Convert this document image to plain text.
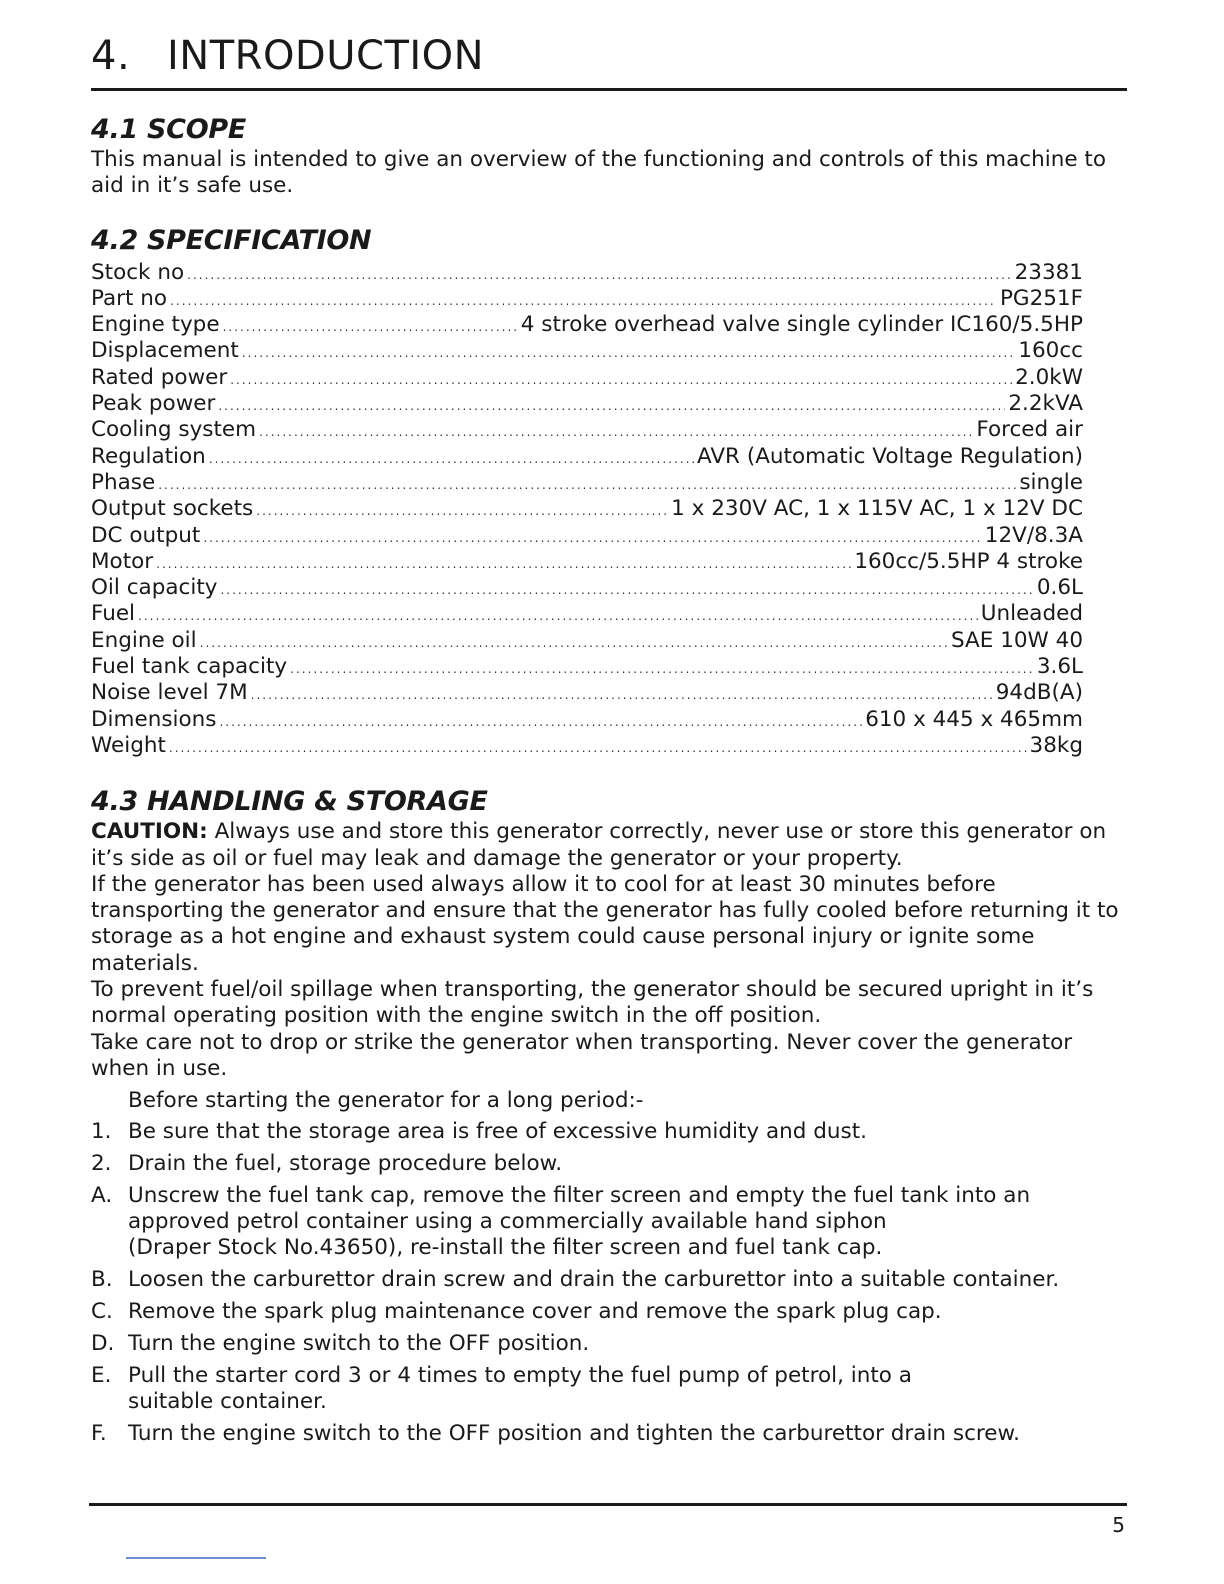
4. INTRODUCTION
4.1 SCOPE

This manual is intended to give an overview of the functioning and controls of this machine to aid in it’s safe use.

4.2 SPECIFICATION
Stock no .....	23381
Part no .....	PG251F
Engine type .....	4 stroke overhead valve single cylinder IC160/5.5HP
Displacement .....	160cc
Rated power .....	2.0kW
Peak power .....	2.2kVA
Cooling system .....	Forced air
Regulation .....	AVR (Automatic Voltage Regulation)
Phase .....	single
Output sockets .....	1 x 230V AC, 1 x 115V AC, 1 x 12V DC
DC output .....	12V/8.3A
Motor .....	160cc/5.5HP 4 stroke
Oil capacity .....	0.6L
Fuel .....	Unleaded
Engine oil .....	SAE 10W 40
Fuel tank capacity .....	3.6L
Noise level 7M .....	94dB(A)
Dimensions .....	610 x 445 x 465mm
Weight .....	38kg
4.3 HANDLING & STORAGE

CAUTION: Always use and store this generator correctly, never use or store this generator on it’s side as oil or fuel may leak and damage the generator or your property.

If the generator has been used always allow it to cool for at least 30 minutes before transporting the generator and ensure that the generator has fully cooled before returning it to storage as a hot engine and exhaust system could cause personal injury or ignite some materials.

To prevent fuel/oil spillage when transporting, the generator should be secured upright in it’s normal operating position with the engine switch in the off position.

Take care not to drop or strike the generator when transporting. Never cover the generator when in use.

Before starting the generator for a long period:-
1. Be sure that the storage area is free of excessive humidity and dust.
2. Drain the fuel, storage procedure below.
A. Unscrew the fuel tank cap, remove the filter screen and empty the fuel tank into an
approved petrol container using a commercially available hand siphon
(Draper Stock No.43650), re-install the filter screen and fuel tank cap.
B. Loosen the carburettor drain screw and drain the carburettor into a suitable container.
C. Remove the spark plug maintenance cover and remove the spark plug cap.
D. Turn the engine switch to the OFF position.
E. Pull the starter cord 3 or 4 times to empty the fuel pump of petrol, into a
suitable container.
F. Turn the engine switch to the OFF position and tighten the carburettor drain screw.
5
